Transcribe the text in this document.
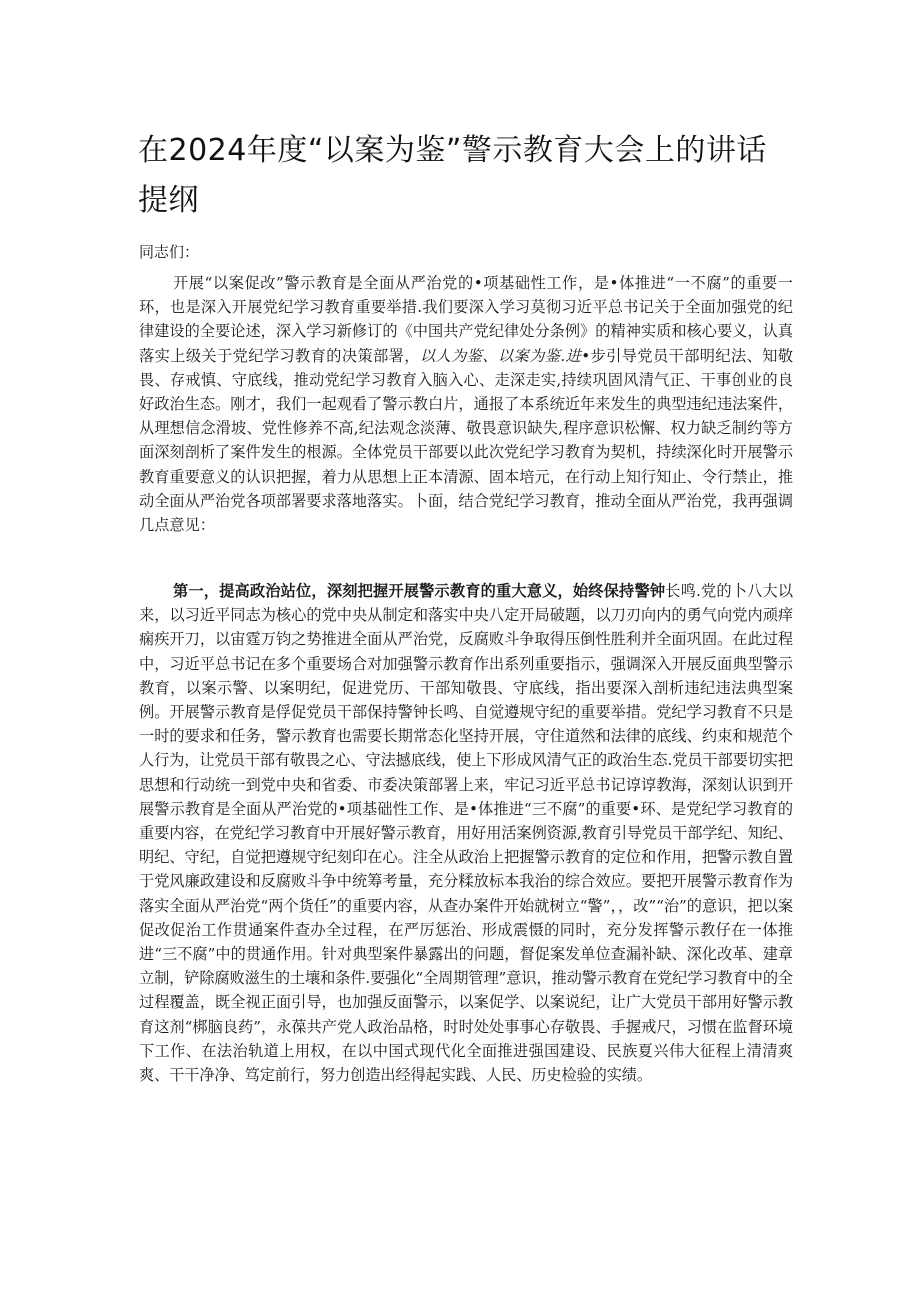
在2024年度“以案为鉴”警示教育大会上的讲话提纲

同志们：

开展“以案促改”警示教育是全面从严治党的•项基础性工作，是•体推进“一不腐”的重要一环，也是深入开展党纪学习教育重要举措.我们要深入学习莫彻习近平总书记关于全面加强党的纪律建设的全要论述，深入学习新修订的《中国共产党纪律处分条例》的精神实质和核心要义，认真落实上级关于党纪学习教育的决策部署，以人为鉴、以案为鉴.进•步引导党员干部明纪法、知敬畏、存戒慎、守底线，推动党纪学习教育入脑入心、走深走实,持续巩固风清气正、干事创业的良好政治生态。刚才，我们一起观看了警示教白片，通报了本系统近年来发生的典型违纪违法案件，从理想信念滑坡、党性修养不高,纪法观念淡薄、敬畏意识缺失,程序意识松懈、权力缺乏制约等方面深刻剖析了案件发生的根源。全体党员干部要以此次党纪学习教育为契机，持续深化时开展警示教育重要意义的认识把握，着力从思想上正本清源、固本培元，在行动上知行知止、令行禁止，推动全面从严治党各项部署要求落地落实。卜面，结合党纪学习教育，推动全面从严治党，我再强调几点意见：

第一，提高政治站位，深刻把握开展警示教育的重大意义，始终保持警钟长鸣.党的卜八大以来，以习近平同志为核心的党中央从制定和落实中央八定开局破题，以刀刃向内的勇气向党内顽痒痫疾开刀，以宙霆万钧之势推进全面从严治党，反腐败斗争取得压倒性胜利并全面巩固。在此过程中，习近平总书记在多个重要场合对加强警示教育作出系列重要指示，强调深入开展反面典型警示教育，以案示警、以案明纪，促进党历、干部知敬畏、守底线，指出要深入剖析违纪违法典型案例。开展警示教育是俘促党员干部保持警钟长鸣、自觉遵规守纪的重要举措。党纪学习教育不只是一时的要求和任务，警示教育也需要长期常态化坚持开展，守住道然和法律的底线、约束和规范个人行为，让党员干部有敬畏之心、守法撼底线，使上下形成风清气正的政治生态.党员干部要切实把思想和行动统一到党中央和省委、市委决策部署上来，牢记习近平总书记谆谆教海，深刻认识到开展警示教育是全面从严治党的•项基础性工作、是•体推进“三不腐”的重要•环、是党纪学习教育的重要内容，在党纪学习教育中开展好警示教育，用好用活案例资源,教育引导党员干部学纪、知纪、明纪、守纪，自觉把遵规守纪刻印在心。注全从政治上把握警示教育的定位和作用，把警示教自置于党风廉政建设和反腐败斗争中统筹考量，充分糅放标本我治的综合效应。要把开展警示教育作为落实全面从严治党“两个货任”的重要内容，从查办案件开始就树立“警”，，改”“治”的意识，把以案促改促治工作贯通案件查办全过程，在严厉惩治、形成震慑的同时，充分发挥警示教仔在一体推进“三不腐”中的贯通作用。针对典型案件暴露出的问题，督促案发单位查漏补缺、深化改革、建章立制，铲除腐败滋生的土壤和条件.要强化“全周期管理”意识，推动警示教育在党纪学习教育中的全过程覆盖，既全视正面引导，也加强反面警示，以案促学、以案说纪，让广大党员干部用好警示教育这剂“梆脑良药”，永葆共产党人政治品格，时时处处事事心存敬畏、手握戒尺，习惯在监督环境下工作、在法治轨道上用权，在以中国式现代化全面推进强国建设、民族夏兴伟大征程上清清爽爽、干干净净、笃定前行，努力创造出经得起实践、人民、历史检验的实绩。
